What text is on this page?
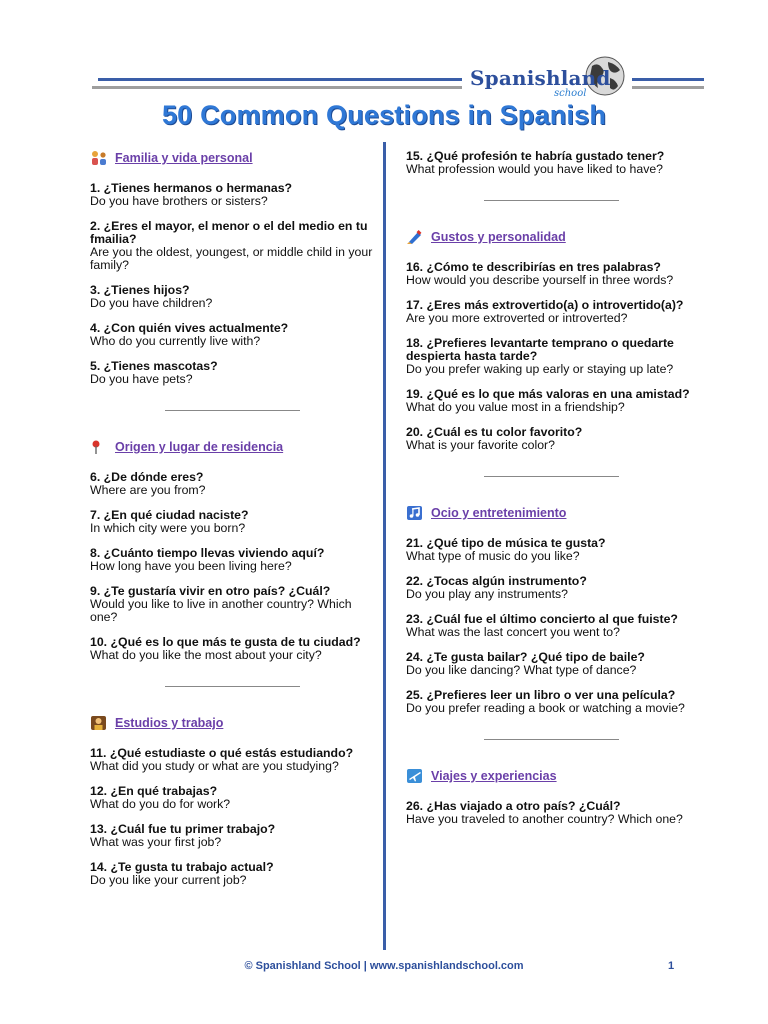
Spanishland
school
50 Common Questions in Spanish
Familia y vida personal
1. ¿Tienes hermanos o hermanas?
Do you have brothers or sisters?
2. ¿Eres el mayor, el menor o el del medio en tu fmailia?
Are you the oldest, youngest, or middle child in your family?
3. ¿Tienes hijos?
Do you have children?
4. ¿Con quién vives actualmente?
Who do you currently live with?
5. ¿Tienes mascotas?
Do you have pets?
Origen y lugar de residencia
6. ¿De dónde eres?
Where are you from?
7. ¿En qué ciudad naciste?
In which city were you born?
8. ¿Cuánto tiempo llevas viviendo aquí?
How long have you been living here?
9. ¿Te gustaría vivir en otro país? ¿Cuál?
Would you like to live in another country? Which one?
10. ¿Qué es lo que más te gusta de tu ciudad?
What do you like the most about your city?
Estudios y trabajo
11. ¿Qué estudiaste o qué estás estudiando?
What did you study or what are you studying?
12. ¿En qué trabajas?
What do you do for work?
13. ¿Cuál fue tu primer trabajo?
What was your first job?
14. ¿Te gusta tu trabajo actual?
Do you like your current job?
15. ¿Qué profesión te habría gustado tener?
What profession would you have liked to have?
Gustos y personalidad
16. ¿Cómo te describirías en tres palabras?
How would you describe yourself in three words?
17. ¿Eres más extrovertido(a) o introvertido(a)?
Are you more extroverted or introverted?
18. ¿Prefieres levantarte temprano o quedarte despierta hasta tarde?
Do you prefer waking up early or staying up late?
19. ¿Qué es lo que más valoras en una amistad?
What do you value most in a friendship?
20. ¿Cuál es tu color favorito?
What is your favorite color?
Ocio y entretenimiento
21. ¿Qué tipo de música te gusta?
What type of music do you like?
22. ¿Tocas algún instrumento?
Do you play any instruments?
23. ¿Cuál fue el último concierto al que fuiste?
What was the last concert you went to?
24. ¿Te gusta bailar? ¿Qué tipo de baile?
Do you like dancing? What type of dance?
25. ¿Prefieres leer un libro o ver una película?
Do you prefer reading a book or watching a movie?
Viajes y experiencias
26. ¿Has viajado a otro país? ¿Cuál?
Have you traveled to another country? Which one?
© Spanishland School | www.spanishlandschool.com	1
